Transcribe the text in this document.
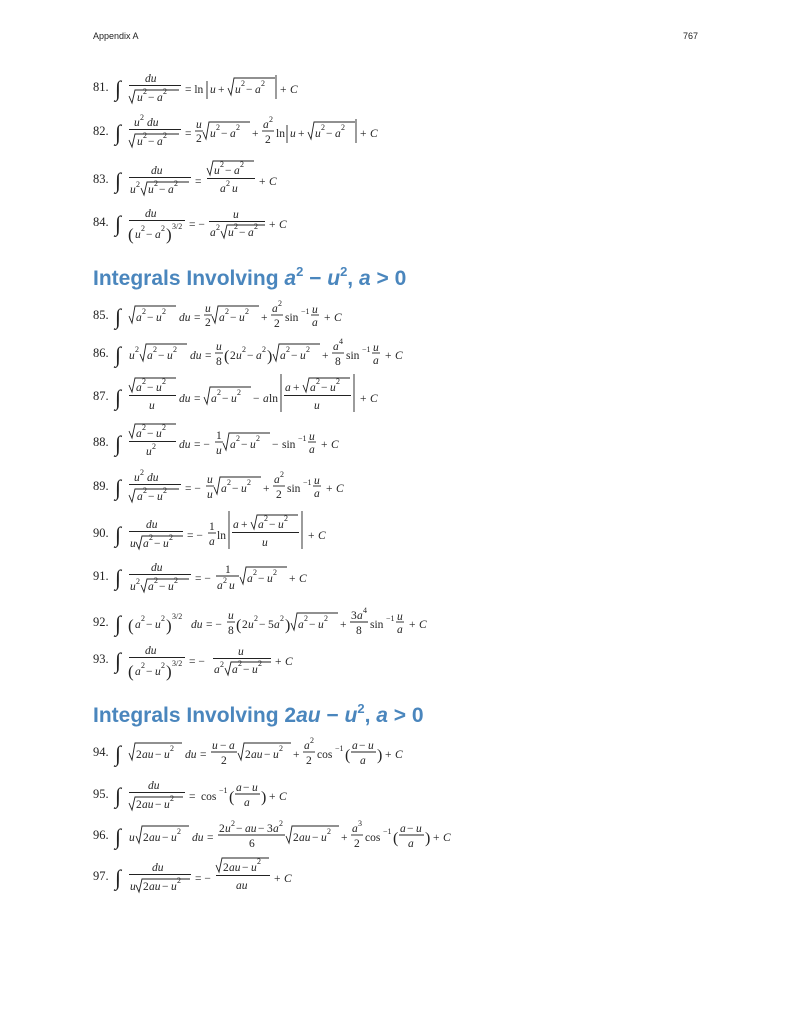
Appendix A	767
81. ∫ du
u
2
− a
2 = ln u + u
2
− a
2
+ C
82. ∫ u 2 du
u
2
− a
2 =
u
2 u
2
− a
2
+
a 2
2 ln u + u
2
− a
2
+ C
83. ∫	du
u 2 u
2
− a
2 =
u
2
− a
2
a 2 u
+ C
84. ∫ du
( u
2
− a
2 ) 3/2 = −
u
a 2 u
2
− a
2 + C
Integrals Involving $a^2 - u^2$, a > 0
85. ∫ a
2
− u
2
du =
u
2 a
2
− u
2
+
a 2
2 sin
−1 u
a + C
86. ∫ u
2
a
2
− u
2
du =
u
8 ( 2 u
2
− a
2 ) a
2
− u
2
+
a 4
8 sin
−1 u
a + C
87. ∫ a
2
− u
2
u
du = a
2
− u
2
− a ln
a + a
2
− u
2
u
+ C
88. ∫ a
2
− u
2
u 2 du = −
1
u a
2
− u
2
− sin
−1 u
a + C
89. ∫ u 2 du
a
2
− u
2 = −
u
u a
2
− u
2
+
a 2
2 sin
−1 u
a + C
90. ∫ du
u a
2
− u
2 = −
1
a ln
a + a
2
− u
2
u
+ C
91. ∫	du
u 2 a
2
− u
2 = −
1
a 2 u
a
2
− u
2
+ C
92. ∫ ( a
2
− u
2 ) 3/2
du = −
u
8 ( 2 u
2
− 5 a
2 ) a
2
− u
2
+
3 a 4
8 sin
−1 u
a + C
93. ∫ du
( a
2
− u
2 ) 3/2 = −
u
a 2 a
2
− u
2 + C
Integrals Involving $2au - u^2$, a > 0
94. ∫ 2 au − u
2
du =
u − a
2 2 au − u
2
+
a 2
2 cos
−1 (
a − u
a ) + C
95. ∫ du
2 au − u
2 = cos
−1 (
a − u
a ) + C
96. ∫ u 2 au − u
2
du =
2 u 2 − au − 3 a 2
6	2 au − u
2
+
a 3
2 cos
−1 (
a − u
a ) + C
97. ∫	du
u 2 au − u
2 = −
2 au − u
2
au
+ C
